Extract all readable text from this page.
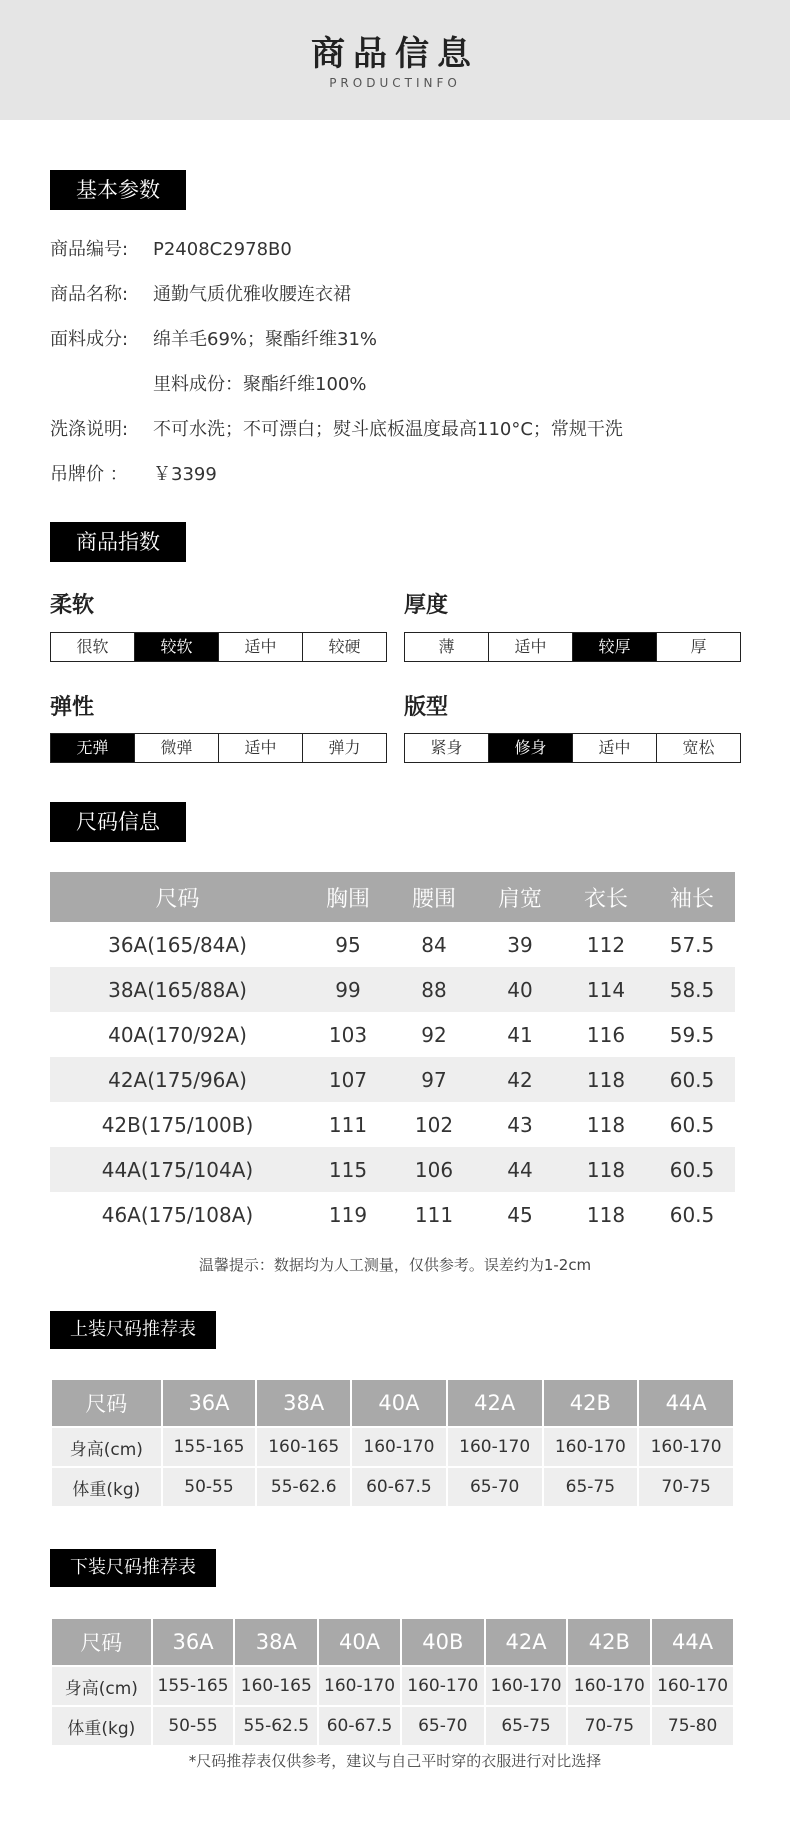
商品信息
PRODUCTINFO
基本参数
商品编号: P2408C2978B0
商品名称: 通勤气质优雅收腰连衣裙
面料成分: 绵羊毛69%；聚酯纤维31%
里料成份：聚酯纤维100%
洗涤说明: 不可水洗；不可漂白；熨斗底板温度最高110°C；常规干洗
吊牌价 ： ￥3399
商品指数
柔软
很软	较软	适中	较硬
厚度
薄	适中	较厚	厚
弹性
无弹	微弹	适中	弹力
版型
紧身	修身	适中	宽松
尺码信息
尺码	胸围	腰围	肩宽	衣长	袖长
36A(165/84A)	95	84	39	112	57.5
38A(165/88A)	99	88	40	114	58.5
40A(170/92A)	103	92	41	116	59.5
42A(175/96A)	107	97	42	118	60.5
42B(175/100B)	111	102	43	118	60.5
44A(175/104A)	115	106	44	118	60.5
46A(175/108A)	119	111	45	118	60.5
温馨提示：数据均为人工测量，仅供参考。误差约为1-2cm
上装尺码推荐表
尺码	36A	38A	40A	42A	42B	44A
身高(cm)	155-165	160-165	160-170	160-170	160-170	160-170
体重(kg)	50-55	55-62.6	60-67.5	65-70	65-75	70-75
下装尺码推荐表
尺码	36A	38A	40A	40B	42A	42B	44A
身高(cm)	155-165	160-165	160-170	160-170	160-170	160-170	160-170
体重(kg)	50-55	55-62.5	60-67.5	65-70	65-75	70-75	75-80
*尺码推荐表仅供参考，建议与自己平时穿的衣服进行对比选择
